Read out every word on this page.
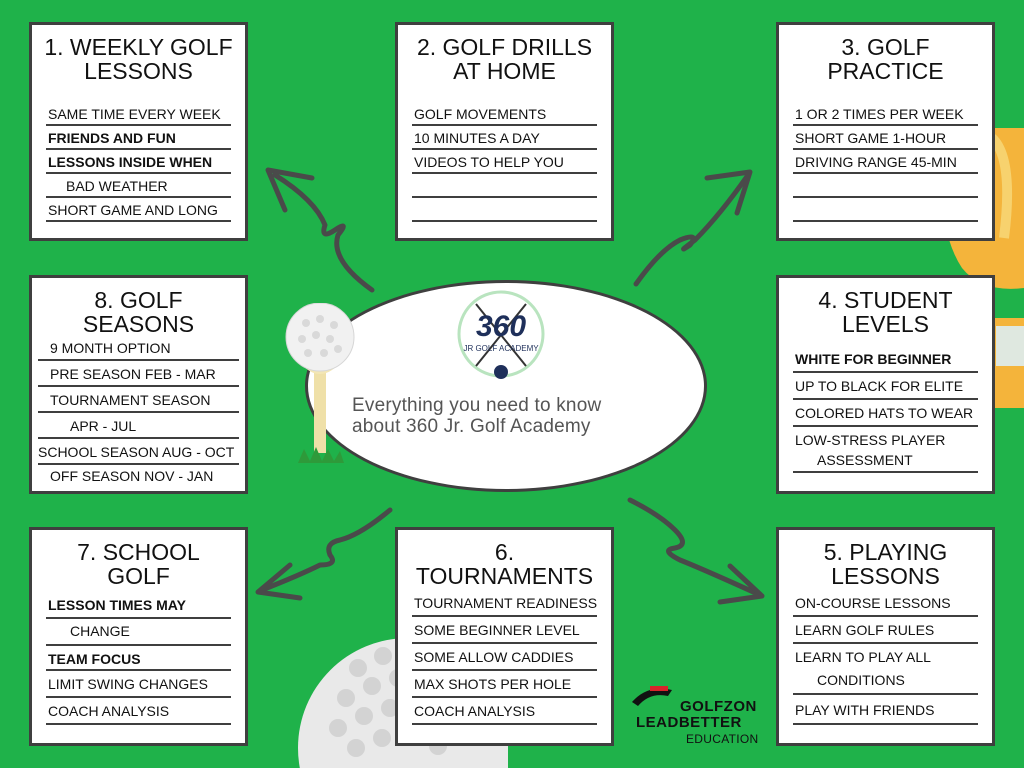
360
JR GOLF ACADEMY
Everything you need to know
about 360 Jr. Golf Academy
1. WEEKLY GOLF
LESSONS
SAME TIME EVERY WEEK
FRIENDS AND FUN
LESSONS INSIDE WHEN
BAD WEATHER
SHORT GAME AND LONG
2. GOLF DRILLS
AT HOME
GOLF MOVEMENTS
10 MINUTES A DAY
VIDEOS TO HELP YOU
3. GOLF
PRACTICE
1 OR 2 TIMES PER WEEK
SHORT GAME 1-HOUR
DRIVING RANGE 45-MIN
8. GOLF
SEASONS
9 MONTH OPTION
PRE SEASON FEB - MAR
TOURNAMENT SEASON
APR - JUL
SCHOOL SEASON AUG - OCT
OFF SEASON NOV - JAN
4. STUDENT
LEVELS
WHITE FOR BEGINNER
UP TO BLACK FOR ELITE
COLORED HATS TO WEAR
LOW-STRESS PLAYER
ASSESSMENT
7. SCHOOL
GOLF
LESSON TIMES MAY
CHANGE
TEAM FOCUS
LIMIT SWING CHANGES
COACH ANALYSIS
6.
TOURNAMENTS
TOURNAMENT READINESS
SOME BEGINNER LEVEL
SOME ALLOW CADDIES
MAX SHOTS PER HOLE
COACH ANALYSIS
5. PLAYING
LESSONS
ON-COURSE LESSONS
LEARN GOLF RULES
LEARN TO PLAY ALL
CONDITIONS
PLAY WITH FRIENDS
GOLFZON
LEADBETTER
EDUCATION
